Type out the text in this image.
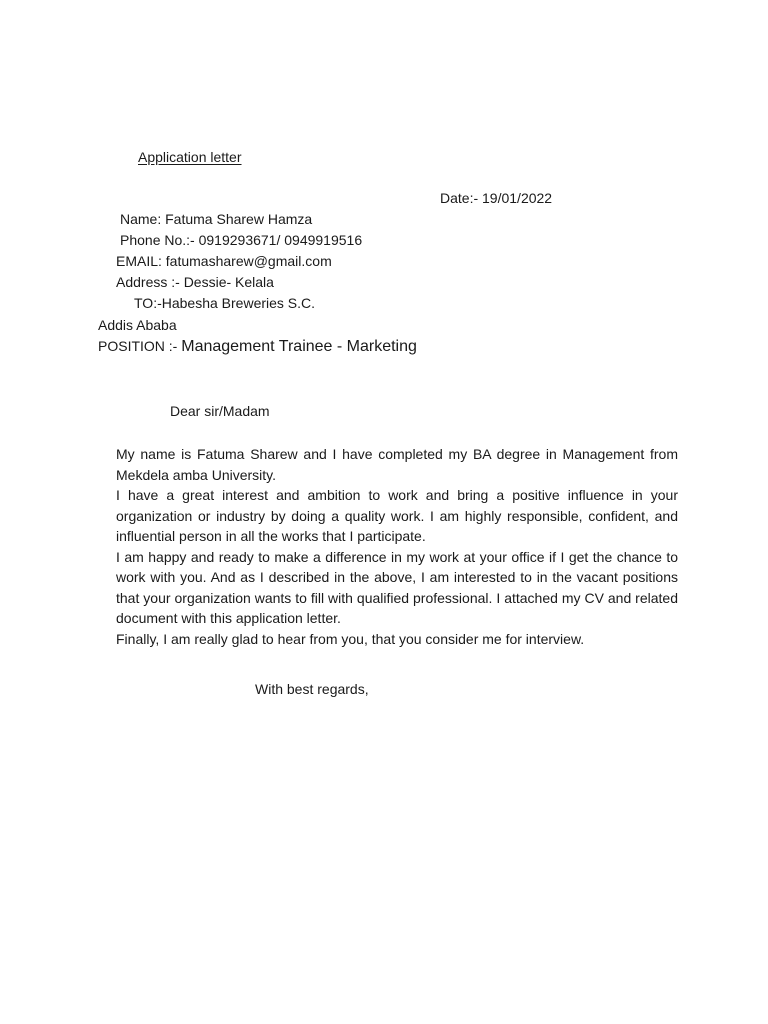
Application letter
Date:- 19/01/2022
Name: Fatuma Sharew Hamza
Phone No.:- 0919293671/ 0949919516
EMAIL: fatumasharew@gmail.com
Address :- Dessie- Kelala
TO:-Habesha Breweries S.C.
Addis Ababa
POSITION :- Management Trainee - Marketing
Dear sir/Madam

My name is Fatuma Sharew and I have completed my BA degree in Management from Mekdela amba University.

I have a great interest and ambition to work and bring a positive influence in your organization or industry by doing a quality work. I am highly responsible, confident, and influential person in all the works that I participate.

I am happy and ready to make a difference in my work at your office if I get the chance to work with you. And as I described in the above, I am interested to in the vacant positions that your organization wants to fill with qualified professional. I attached my CV and related document with this application letter.

Finally, I am really glad to hear from you, that you consider me for interview.

With best regards,
